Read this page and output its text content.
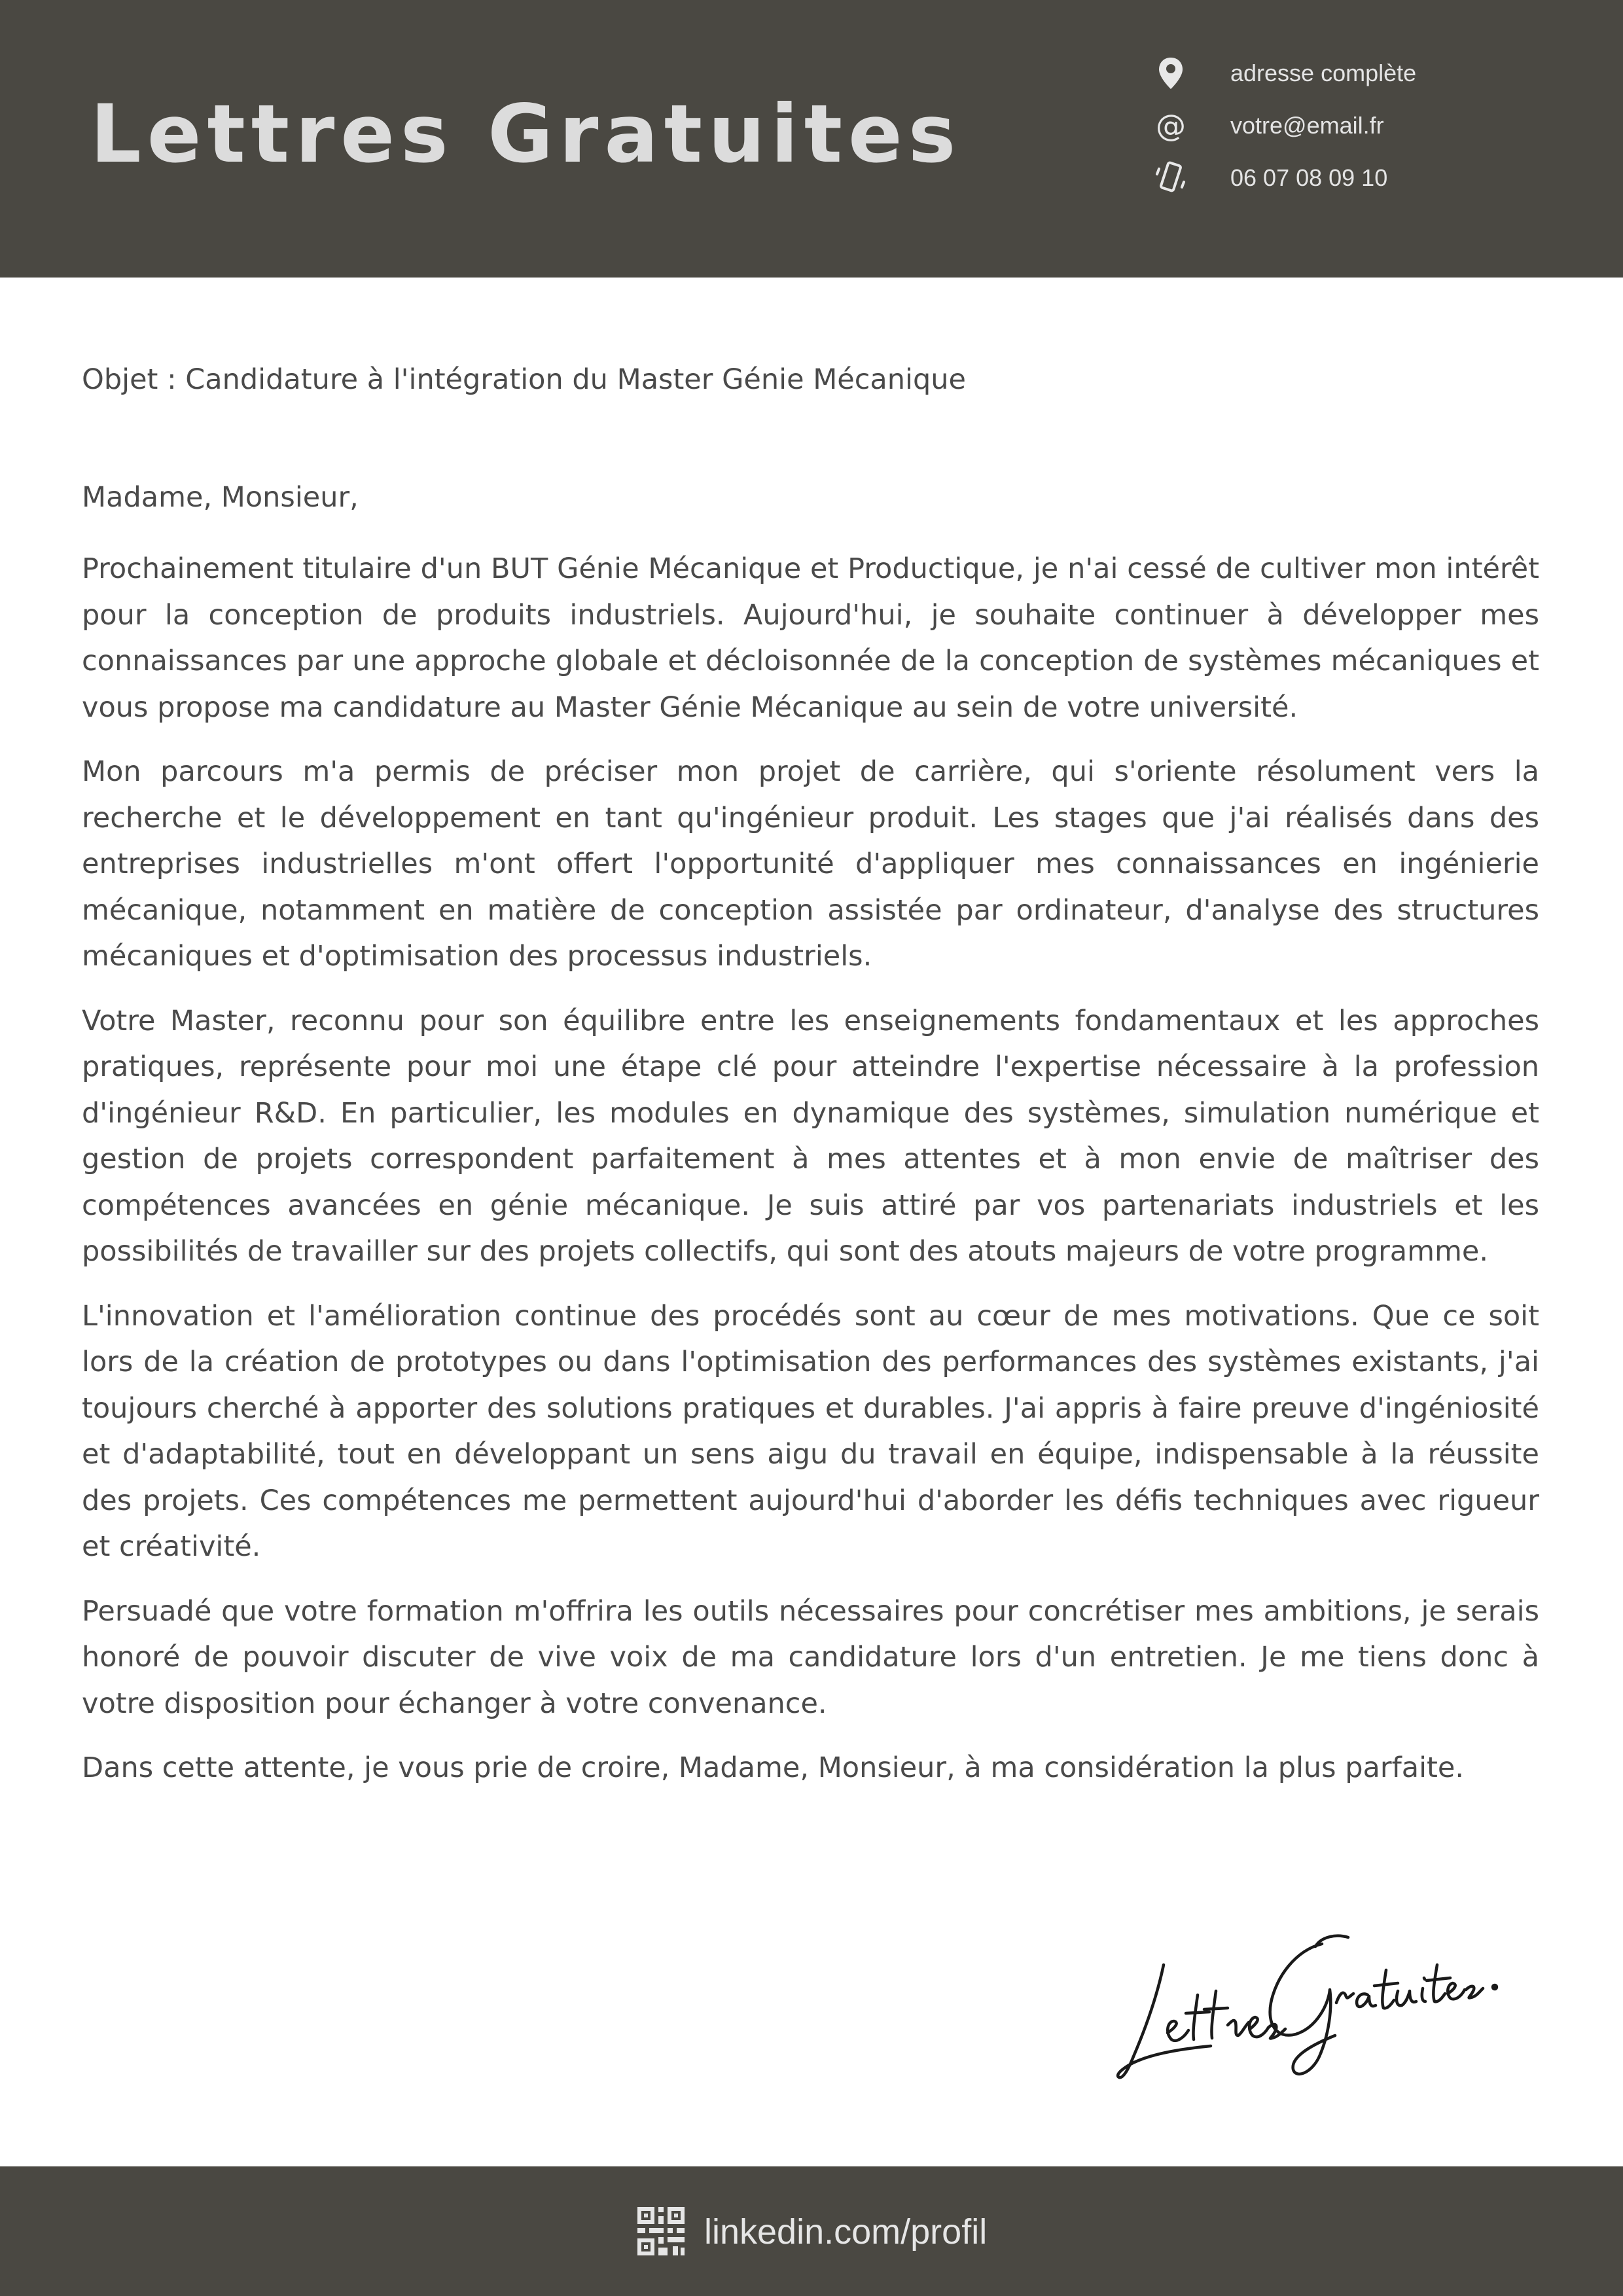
Lettres Gratuites
adresse complète
@ votre@email.fr
06 07 08 09 10

Objet : Candidature à l'intégration du Master Génie Mécanique

Madame, Monsieur,

Prochainement titulaire d'un BUT Génie Mécanique et Productique, je n'ai cessé de cultiver mon intérêt pour la conception de produits industriels. Aujourd'hui, je souhaite continuer à développer mes connaissances par une approche globale et décloisonnée de la conception de systèmes mécaniques et vous propose ma candidature au Master Génie Mécanique au sein de votre université.

Mon parcours m'a permis de préciser mon projet de carrière, qui s'oriente résolument vers la recherche et le développement en tant qu'ingénieur produit. Les stages que j'ai réalisés dans des entreprises industrielles m'ont offert l'opportunité d'appliquer mes connaissances en ingénierie mécanique, notamment en matière de conception assistée par ordinateur, d'analyse des structures mécaniques et d'optimisation des processus industriels.

Votre Master, reconnu pour son équilibre entre les enseignements fondamentaux et les approches pratiques, représente pour moi une étape clé pour atteindre l'expertise nécessaire à la profession d'ingénieur R&D. En particulier, les modules en dynamique des systèmes, simulation numérique et gestion de projets correspondent parfaitement à mes attentes et à mon envie de maîtriser des compétences avancées en génie mécanique. Je suis attiré par vos partenariats industriels et les possibilités de travailler sur des projets collectifs, qui sont des atouts majeurs de votre programme.

L'innovation et l'amélioration continue des procédés sont au cœur de mes motivations. Que ce soit lors de la création de prototypes ou dans l'optimisation des performances des systèmes existants, j'ai toujours cherché à apporter des solutions pratiques et durables. J'ai appris à faire preuve d'ingéniosité et d'adaptabilité, tout en développant un sens aigu du travail en équipe, indispensable à la réussite des projets. Ces compétences me permettent aujourd'hui d'aborder les défis techniques avec rigueur et créativité.

Persuadé que votre formation m'offrira les outils nécessaires pour concrétiser mes ambitions, je serais honoré de pouvoir discuter de vive voix de ma candidature lors d'un entretien. Je me tiens donc à votre disposition pour échanger à votre convenance.

Dans cette attente, je vous prie de croire, Madame, Monsieur, à ma considération la plus parfaite.

linkedin.com/profil
